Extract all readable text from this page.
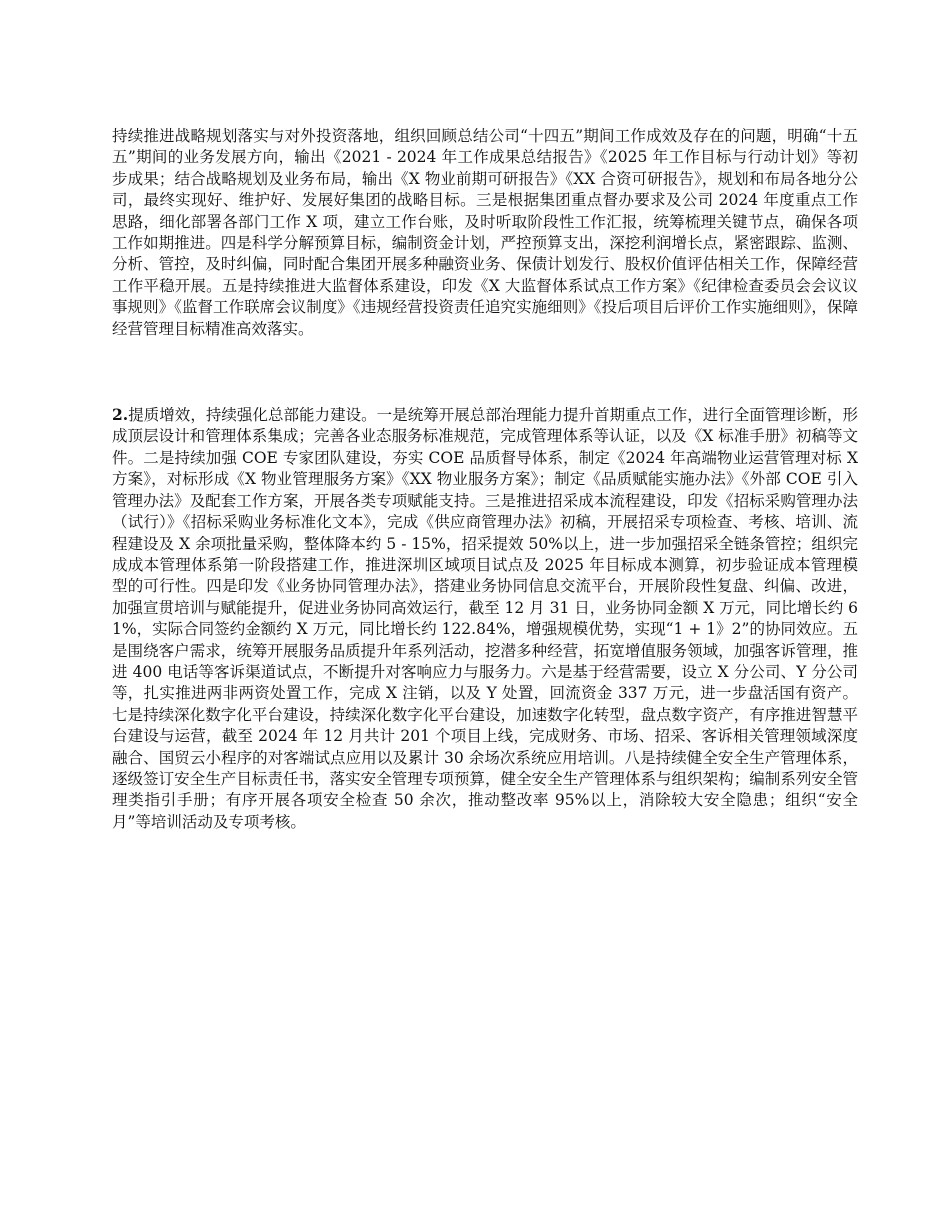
持续推进战略规划落实与对外投资落地，组织回顾总结公司“十四五”期间工作成效及存在的问题，明确“十五五”期间的业务发展方向，输出《2021 - 2024 年工作成果总结报告》《2025 年工作目标与行动计划》等初步成果；结合战略规划及业务布局，输出《X 物业前期可研报告》《XX 合资可研报告》，规划和布局各地分公司，最终实现好、维护好、发展好集团的战略目标。三是根据集团重点督办要求及公司 2024 年度重点工作思路，细化部署各部门工作 X 项，建立工作台账，及时听取阶段性工作汇报，统筹梳理关键节点，确保各项工作如期推进。四是科学分解预算目标，编制资金计划，严控预算支出，深挖利润增长点，紧密跟踪、监测、分析、管控，及时纠偏，同时配合集团开展多种融资业务、保债计划发行、股权价值评估相关工作，保障经营工作平稳开展。五是持续推进大监督体系建设，印发《X 大监督体系试点工作方案》《纪律检查委员会会议议事规则》《监督工作联席会议制度》《违规经营投资责任追究实施细则》《投后项目后评价工作实施细则》，保障经营管理目标精准高效落实。

2.提质增效，持续强化总部能力建设。一是统筹开展总部治理能力提升首期重点工作，进行全面管理诊断，形成顶层设计和管理体系集成；完善各业态服务标准规范，完成管理体系等认证，以及《X 标准手册》初稿等文件。二是持续加强 COE 专家团队建设，夯实 COE 品质督导体系，制定《2024 年高端物业运营管理对标 X 方案》，对标形成《X 物业管理服务方案》《XX 物业服务方案》；制定《品质赋能实施办法》《外部 COE 引入管理办法》及配套工作方案，开展各类专项赋能支持。三是推进招采成本流程建设，印发《招标采购管理办法（试行）》《招标采购业务标准化文本》，完成《供应商管理办法》初稿，开展招采专项检查、考核、培训、流程建设及 X 余项批量采购，整体降本约 5 - 15%，招采提效 50%以上，进一步加强招采全链条管控；组织完成成本管理体系第一阶段搭建工作，推进深圳区域项目试点及 2025 年目标成本测算，初步验证成本管理模型的可行性。四是印发《业务协同管理办法》，搭建业务协同信息交流平台，开展阶段性复盘、纠偏、改进，加强宣贯培训与赋能提升，促进业务协同高效运行，截至 12 月 31 日，业务协同金额 X 万元，同比增长约 61%，实际合同签约金额约 X 万元，同比增长约 122.84%，增强规模优势，实现“1 + 1》2”的协同效应。五是围绕客户需求，统筹开展服务品质提升年系列活动，挖潜多种经营，拓宽增值服务领域，加强客诉管理，推进 400 电话等客诉渠道试点，不断提升对客响应力与服务力。六是基于经营需要，设立 X 分公司、Y 分公司等，扎实推进两非两资处置工作，完成 X 注销，以及 Y 处置，回流资金 337 万元，进一步盘活国有资产。七是持续深化数字化平台建设，持续深化数字化平台建设，加速数字化转型，盘点数字资产，有序推进智慧平台建设与运营，截至 2024 年 12 月共计 201 个项目上线，完成财务、市场、招采、客诉相关管理领域深度融合、国贸云小程序的对客端试点应用以及累计 30 余场次系统应用培训。八是持续健全安全生产管理体系，逐级签订安全生产目标责任书，落实安全管理专项预算，健全安全生产管理体系与组织架构；编制系列安全管理类指引手册；有序开展各项安全检查 50 余次，推动整改率 95%以上，消除较大安全隐患；组织“安全月”等培训活动及专项考核。
